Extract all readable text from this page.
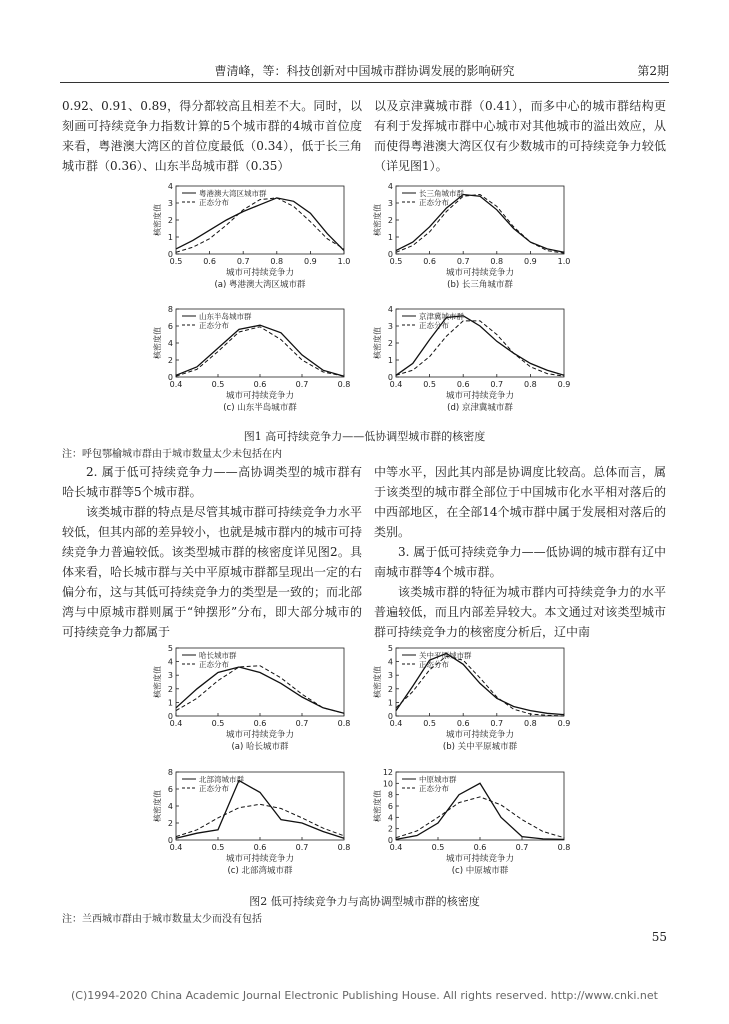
曹清峰，等：科技创新对中国城市群协调发展的影响研究	第2期

0.92、0.91、0.89，得分都较高且相差不大。同时，以刻画可持续竞争力指数计算的5个城市群的4城市首位度来看，粤港澳大湾区的首位度最低（0.34），低于长三角城市群（0.36）、山东半岛城市群（0.35）

以及京津冀城市群（0.41），而多中心的城市群结构更有利于发挥城市群中心城市对其他城市的溢出效应，从而使得粤港澳大湾区仅有少数城市的可持续竞争力较低（详见图1）。

0.5	0.6	0.7	0.8	0.9	1.0
0
1
2
3
4
核密度值
城市可持续竞争力
(a) 粤港澳大湾区城市群
粤港澳大湾区城市群
正态分布
0.5	0.6	0.7	0.8	0.9	1.0
0
1
2
3
4
核密度值
城市可持续竞争力
(b) 长三角城市群
长三角城市群
正态分布
0.4	0.5	0.6	0.7	0.8
0
2
4
6
8
核密度值
城市可持续竞争力
(c) 山东半岛城市群
山东半岛城市群
正态分布
0.4	0.5	0.6	0.7	0.8	0.9
0
1
2
3
4
核密度值
城市可持续竞争力
(d) 京津冀城市群
京津冀城市群
正态分布
图1 高可持续竞争力——低协调型城市群的核密度
注：呼包鄂榆城市群由于城市数量太少未包括在内

2. 属于低可持续竞争力——高协调类型的城市群有哈长城市群等5个城市群。

该类城市群的特点是尽管其城市群可持续竞争力水平较低，但其内部的差异较小，也就是城市群内的城市可持续竞争力普遍较低。该类型城市群的核密度详见图2。具体来看，哈长城市群与关中平原城市群都呈现出一定的右偏分布，这与其低可持续竞争力的类型是一致的；而北部湾与中原城市群则属于“钟摆形”分布，即大部分城市的可持续竞争力都属于

中等水平，因此其内部是协调度比较高。总体而言，属于该类型的城市群全部位于中国城市化水平相对落后的中西部地区，在全部14个城市群中属于发展相对落后的类别。

3. 属于低可持续竞争力——低协调的城市群有辽中南城市群等4个城市群。

该类城市群的特征为城市群内可持续竞争力的水平普遍较低，而且内部差异较大。本文通过对该类型城市群可持续竞争力的核密度分析后，辽中南

0.4	0.5	0.6	0.7	0.8
0
1
2
3
4
5
核密度值
城市可持续竞争力
(a) 哈长城市群
哈长城市群
正态分布
0.4	0.5	0.6	0.7	0.8	0.9
0
1
2
3
4
5
核密度值
城市可持续竞争力
(b) 关中平原城市群
关中平原城市群
正态分布
0.4	0.5	0.6	0.7	0.8
0
2
4
6
8
核密度值
城市可持续竞争力
(c) 北部湾城市群
北部湾城市群
正态分布
0.4	0.5	0.6	0.7	0.8
0
2
4
6
8
10
12
核密度值
城市可持续竞争力
(c) 中原城市群
中原城市群
正态分布
图2 低可持续竞争力与高协调型城市群的核密度
注：兰西城市群由于城市数量太少而没有包括
55
(C)1994-2020 China Academic Journal Electronic Publishing House. All rights reserved. http://www.cnki.net
